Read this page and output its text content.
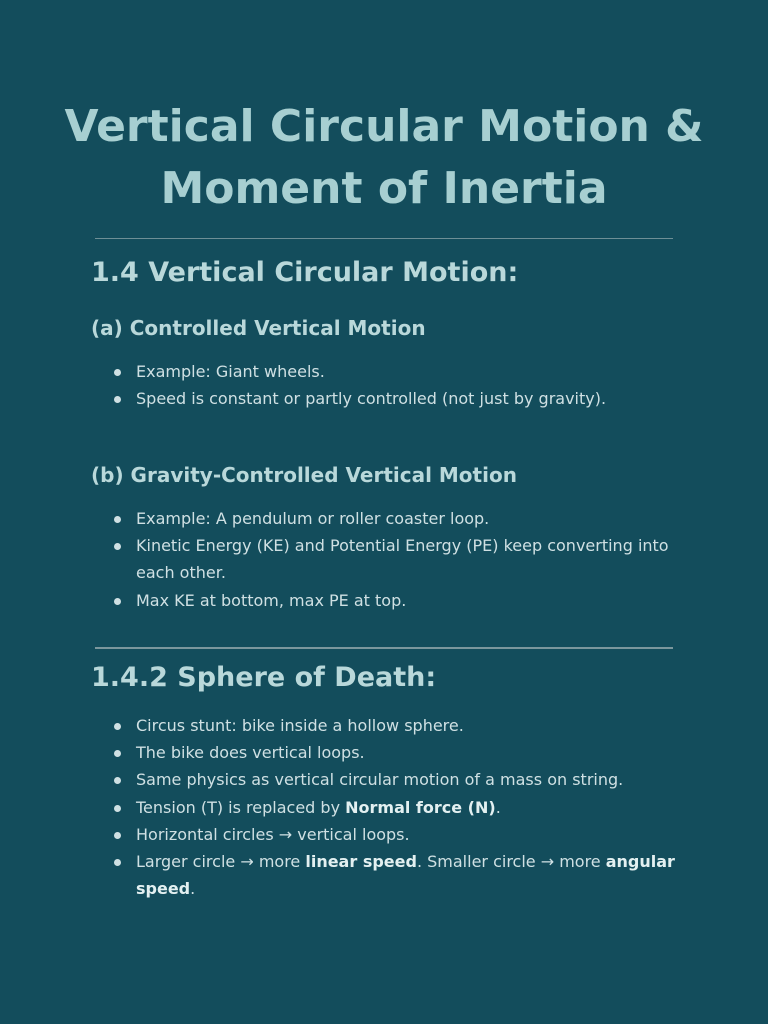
Vertical Circular Motion &
Moment of Inertia
1.4 Vertical Circular Motion:
(a) Controlled Vertical Motion
Example: Giant wheels.
Speed is constant or partly controlled (not just by gravity).
(b) Gravity-Controlled Vertical Motion
Example: A pendulum or roller coaster loop.
Kinetic Energy (KE) and Potential Energy (PE) keep converting into each other.
Max KE at bottom, max PE at top.
1.4.2 Sphere of Death:
Circus stunt: bike inside a hollow sphere.
The bike does vertical loops.
Same physics as vertical circular motion of a mass on string.
Tension (T) is replaced by Normal force (N).
Horizontal circles → vertical loops.
Larger circle → more linear speed. Smaller circle → more angular speed.
